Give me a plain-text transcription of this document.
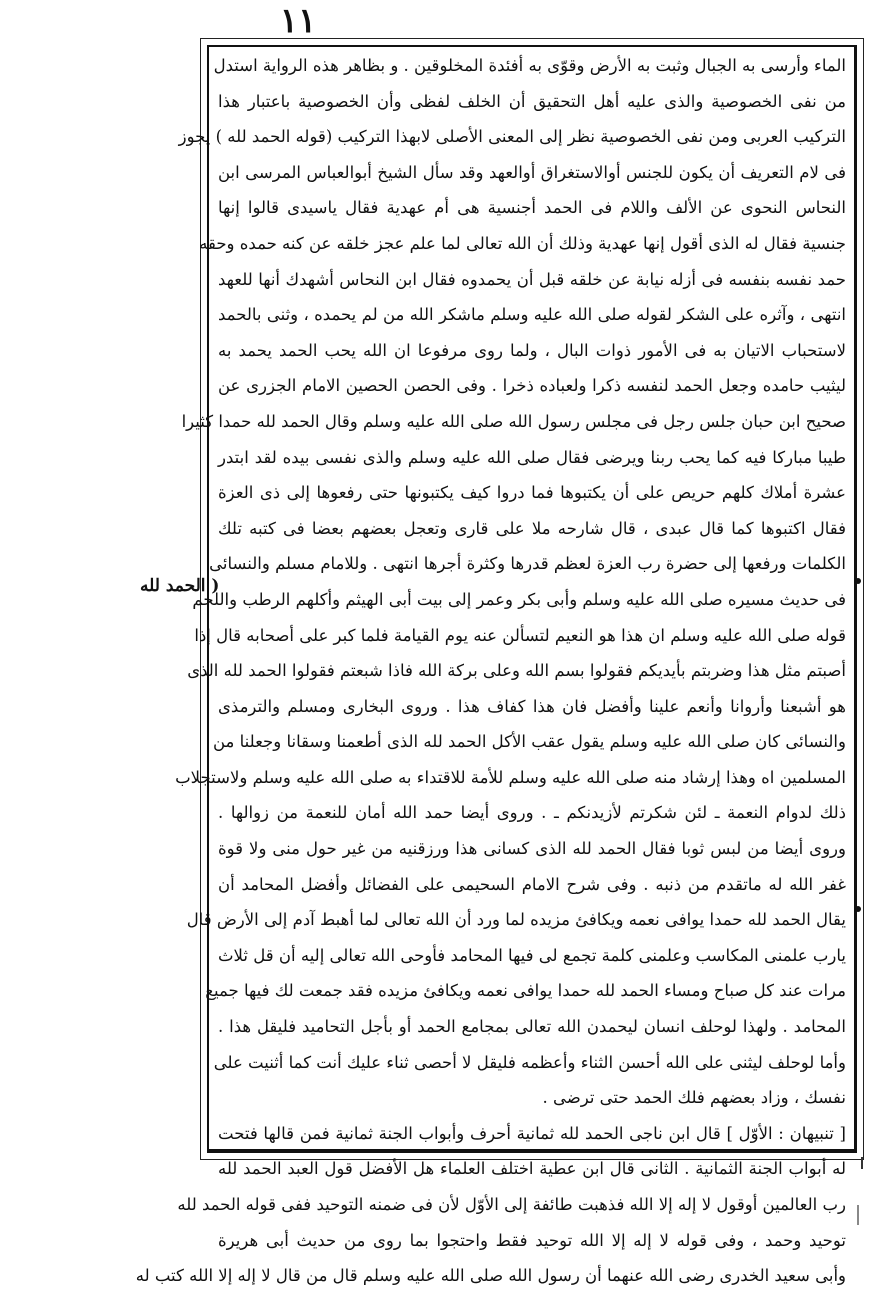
١١
( الحمد لله
الماء وأرسى به الجبال وثبت به الأرض وقوّى به أفئدة المخلوقين . و بظاهر هذه الرواية استدل
من نفى الخصوصية والذى عليه أهل التحقيق أن الخلف لفظى وأن الخصوصية باعتبار هذا
التركيب العربى ومن نفى الخصوصية نظر إلى المعنى الأصلى لابهذا التركيب (قوله الحمد لله ) يجوز
فى لام التعريف أن يكون للجنس أوالاستغراق أوالعهد وقد سأل الشيخ أبوالعباس المرسى ابن
النحاس النحوى عن الألف واللام فى الحمد أجنسية هى أم عهدية فقال ياسيدى قالوا إنها
جنسية فقال له الذى أقول إنها عهدية وذلك أن الله تعالى لما علم عجز خلقه عن كنه حمده وحقه
حمد نفسه بنفسه فى أزله نيابة عن خلقه قبل أن يحمدوه فقال ابن النحاس أشهدك أنها للعهد
انتهى ، وآثره على الشكر لقوله صلى الله عليه وسلم ماشكر الله من لم يحمده ، وثنى بالحمد
لاستحباب الاتيان به فى الأمور ذوات البال ، ولما روى مرفوعا ان الله يحب الحمد يحمد به
ليثيب حامده وجعل الحمد لنفسه ذكرا ولعباده ذخرا . وفى الحصن الحصين الامام الجزرى عن
صحيح ابن حبان جلس رجل فى مجلس رسول الله صلى الله عليه وسلم وقال الحمد لله حمدا كثيرا
طيبا مباركا فيه كما يحب ربنا ويرضى فقال صلى الله عليه وسلم والذى نفسى بيده لقد ابتدر
عشرة أملاك كلهم حريص على أن يكتبوها فما دروا كيف يكتبونها حتى رفعوها إلى ذى العزة
فقال اكتبوها كما قال عبدى ، قال شارحه ملا على قارى وتعجل بعضهم بعضا فى كتبه تلك
الكلمات ورفعها إلى حضرة رب العزة لعظم قدرها وكثرة أجرها انتهى . وللامام مسلم والنسائى
فى حديث مسيره صلى الله عليه وسلم وأبى بكر وعمر إلى بيت أبى الهيثم وأكلهم الرطب واللحم
قوله صلى الله عليه وسلم ان هذا هو النعيم لتسألن عنه يوم القيامة فلما كبر على أصحابه قال إذا
أصبتم مثل هذا وضربتم بأيديكم فقولوا بسم الله وعلى بركة الله فاذا شبعتم فقولوا الحمد لله الذى
هو أشبعنا وأروانا وأنعم علينا وأفضل فان هذا كفاف هذا . وروى البخارى ومسلم والترمذى
والنسائى كان صلى الله عليه وسلم يقول عقب الأكل الحمد لله الذى أطعمنا وسقانا وجعلنا من
المسلمين اه وهذا إرشاد منه صلى الله عليه وسلم للأمة للاقتداء به صلى الله عليه وسلم ولاستجلاب
ذلك لدوام النعمة ـ لئن شكرتم لأزيدنكم ـ . وروى أيضا حمد الله أمان للنعمة من زوالها .
وروى أيضا من لبس ثوبا فقال الحمد لله الذى كسانى هذا ورزقنيه من غير حول منى ولا قوة
غفر الله له ماتقدم من ذنبه . وفى شرح الامام السحيمى على الفضائل وأفضل المحامد أن
يقال الحمد لله حمدا يوافى نعمه ويكافئ مزيده لما ورد أن الله تعالى لما أهبط آدم إلى الأرض قال
يارب علمنى المكاسب وعلمنى كلمة تجمع لى فيها المحامد فأوحى الله تعالى إليه أن قل ثلاث
مرات عند كل صباح ومساء الحمد لله حمدا يوافى نعمه ويكافئ مزيده فقد جمعت لك فيها جميع
المحامد . ولهذا لوحلف انسان ليحمدن الله تعالى بمجامع الحمد أو بأجل التحاميد فليقل هذا .
وأما لوحلف ليثنى على الله أحسن الثناء وأعظمه فليقل لا أحصى ثناء عليك أنت كما أثنيت على
نفسك ، وزاد بعضهم فلك الحمد حتى ترضى .
[ تنبيهان : الأوّل ] قال ابن ناجى الحمد لله ثمانية أحرف وأبواب الجنة ثمانية فمن قالها فتحت
له أبواب الجنة الثمانية . الثانى قال ابن عطية اختلف العلماء هل الأفضل قول العبد الحمد لله
رب العالمين أوقول لا إله إلا الله فذهبت طائفة إلى الأوّل لأن فى ضمنه التوحيد ففى قوله الحمد لله
توحيد وحمد ، وفى قوله لا إله إلا الله توحيد فقط واحتجوا بما روى من حديث أبى هريرة
وأبى سعيد الخدرى رضى الله عنهما أن رسول الله صلى الله عليه وسلم قال من قال لا إله إلا الله كتب له
